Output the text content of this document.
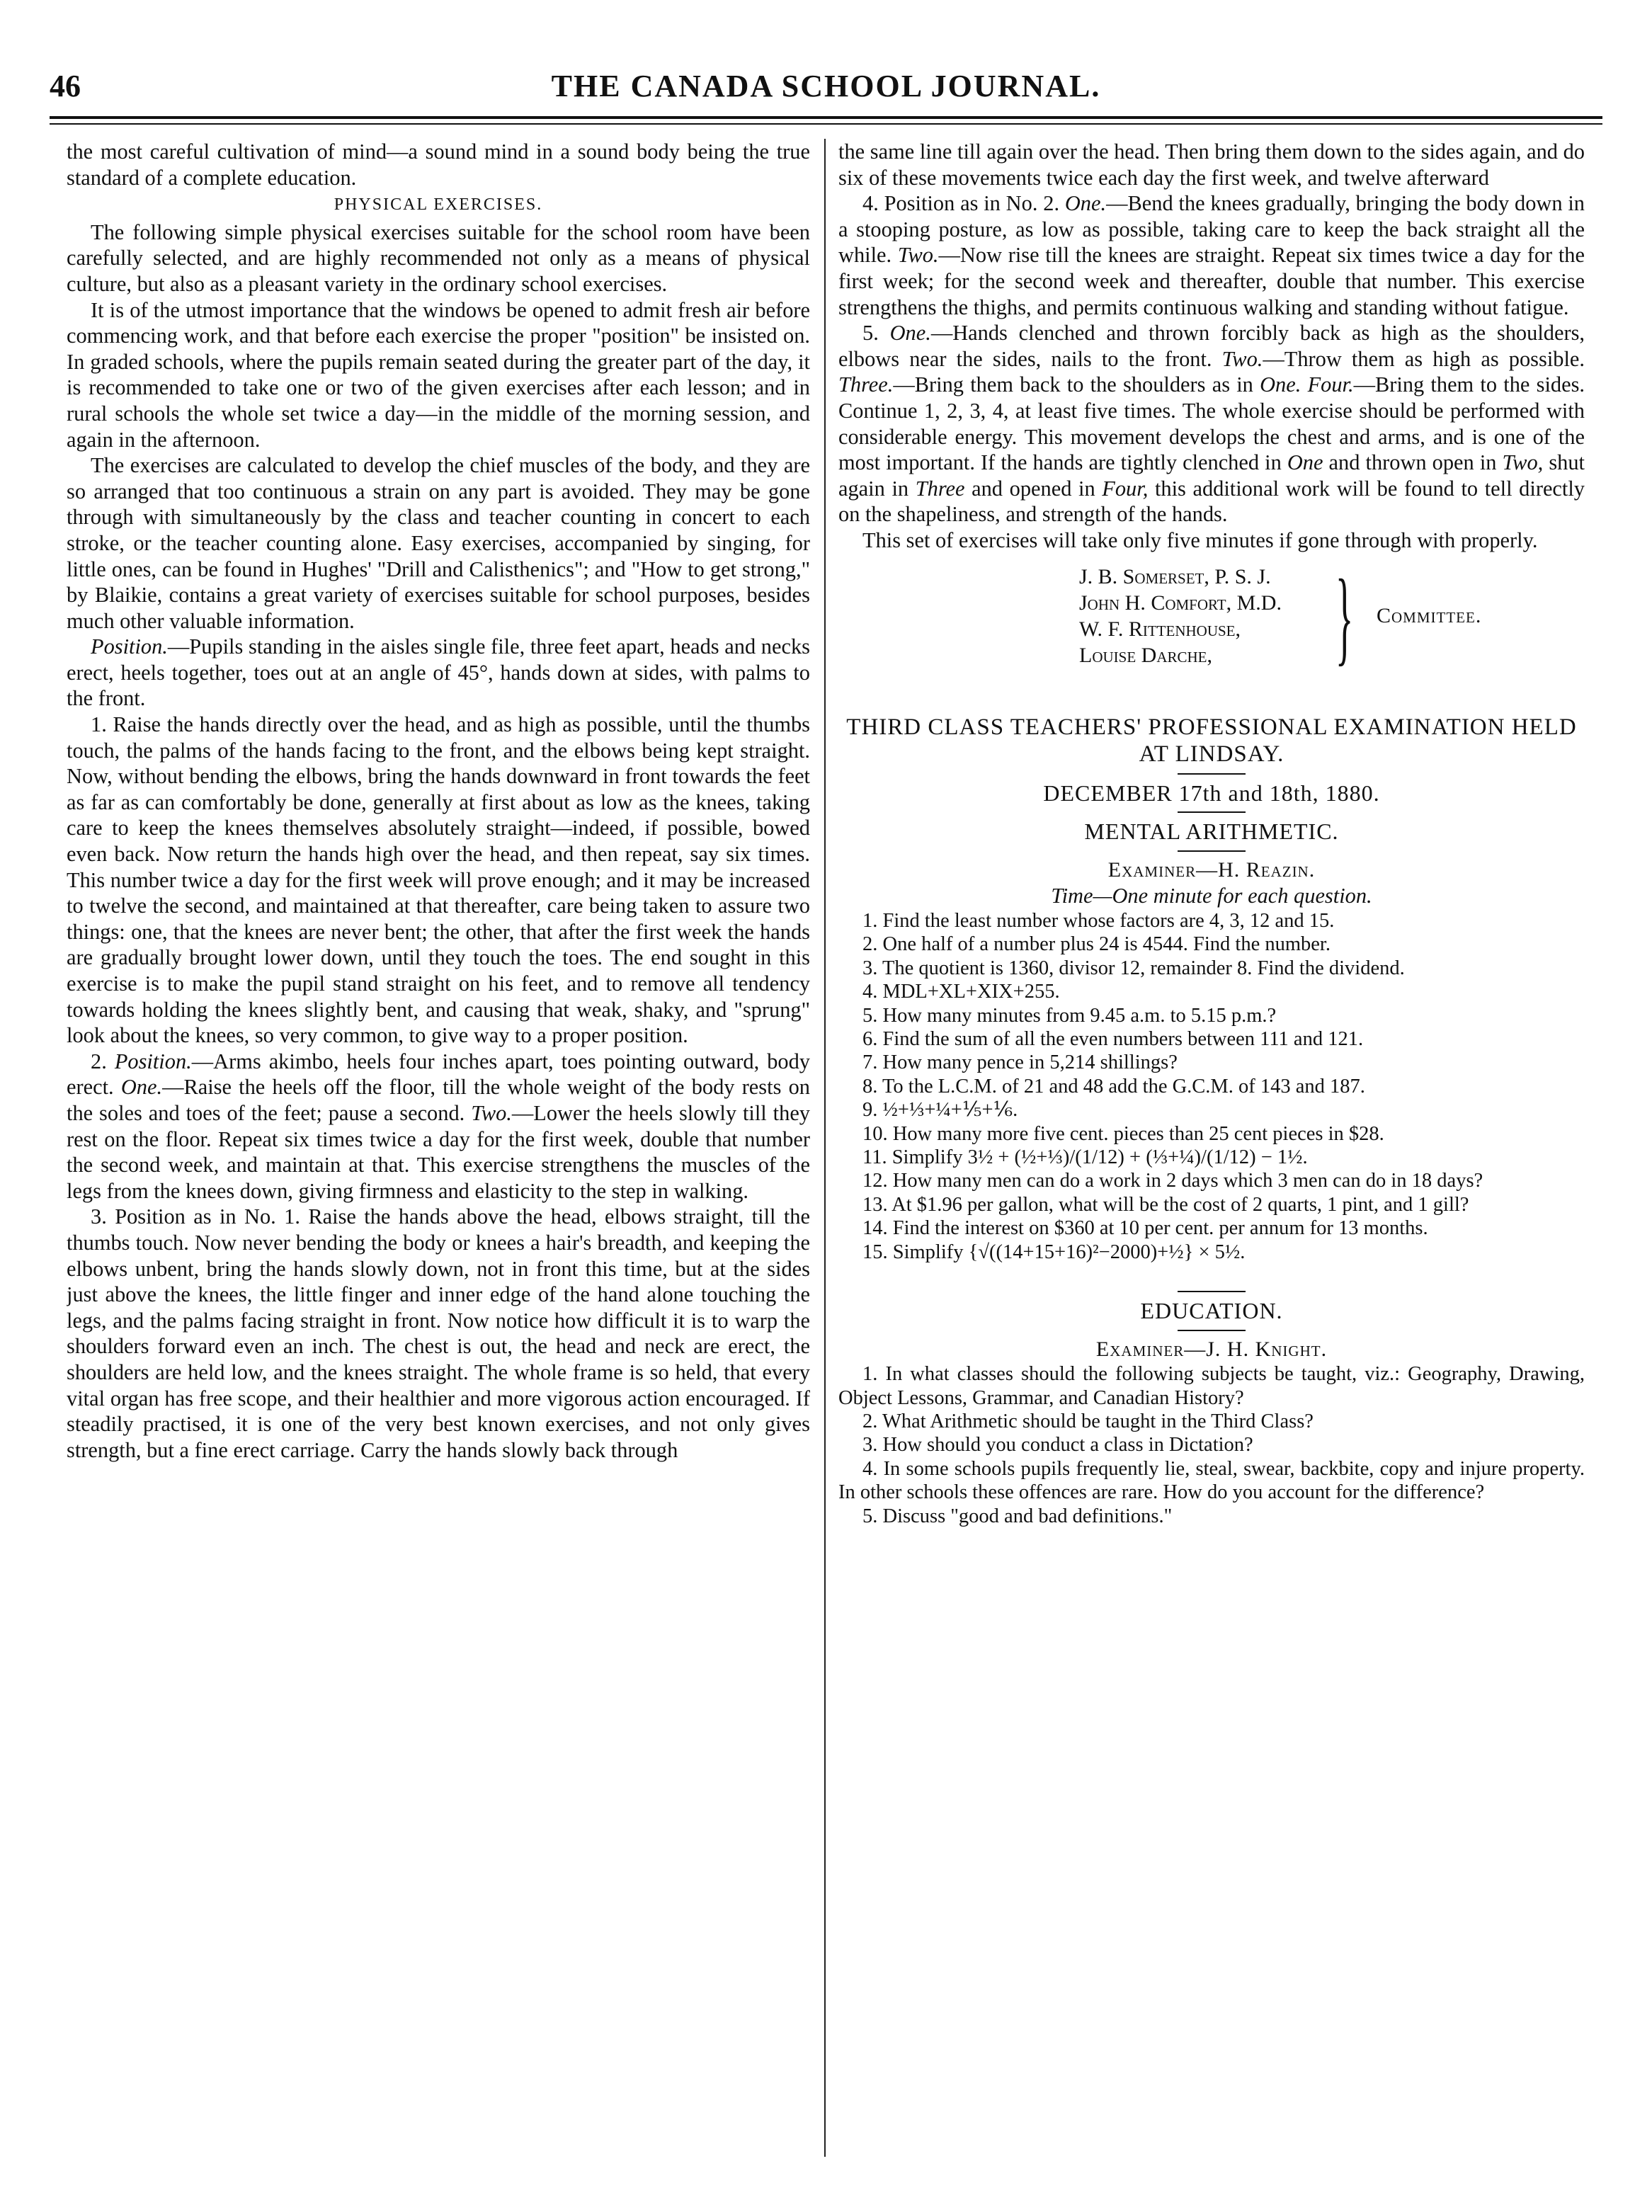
46	THE CANADA SCHOOL JOURNAL.

the most careful cultivation of mind—a sound mind in a sound body being the true standard of a complete education.

PHYSICAL EXERCISES.

The following simple physical exercises suitable for the school room have been carefully selected, and are highly recommended not only as a means of physical culture, but also as a pleasant variety in the ordinary school exercises.

It is of the utmost importance that the windows be opened to admit fresh air before commencing work, and that before each exercise the proper "position" be insisted on. In graded schools, where the pupils remain seated during the greater part of the day, it is recommended to take one or two of the given exercises after each lesson; and in rural schools the whole set twice a day—in the middle of the morning session, and again in the afternoon.

The exercises are calculated to develop the chief muscles of the body, and they are so arranged that too continuous a strain on any part is avoided. They may be gone through with simultaneously by the class and teacher counting in concert to each stroke, or the teacher counting alone. Easy exercises, accompanied by singing, for little ones, can be found in Hughes' "Drill and Calisthenics"; and "How to get strong," by Blaikie, contains a great variety of exercises suitable for school purposes, besides much other valuable information.

Position.—Pupils standing in the aisles single file, three feet apart, heads and necks erect, heels together, toes out at an angle of 45°, hands down at sides, with palms to the front.

1. Raise the hands directly over the head, and as high as possible, until the thumbs touch, the palms of the hands facing to the front, and the elbows being kept straight. Now, without bending the elbows, bring the hands downward in front towards the feet as far as can comfortably be done, generally at first about as low as the knees, taking care to keep the knees themselves absolutely straight—indeed, if possible, bowed even back. Now return the hands high over the head, and then repeat, say six times. This number twice a day for the first week will prove enough; and it may be increased to twelve the second, and maintained at that thereafter, care being taken to assure two things: one, that the knees are never bent; the other, that after the first week the hands are gradually brought lower down, until they touch the toes. The end sought in this exercise is to make the pupil stand straight on his feet, and to remove all tendency towards holding the knees slightly bent, and causing that weak, shaky, and "sprung" look about the knees, so very common, to give way to a proper position.

2. Position.—Arms akimbo, heels four inches apart, toes pointing outward, body erect. One.—Raise the heels off the floor, till the whole weight of the body rests on the soles and toes of the feet; pause a second. Two.—Lower the heels slowly till they rest on the floor. Repeat six times twice a day for the first week, double that number the second week, and maintain at that. This exercise strengthens the muscles of the legs from the knees down, giving firmness and elasticity to the step in walking.

3. Position as in No. 1. Raise the hands above the head, elbows straight, till the thumbs touch. Now never bending the body or knees a hair's breadth, and keeping the elbows unbent, bring the hands slowly down, not in front this time, but at the sides just above the knees, the little finger and inner edge of the hand alone touching the legs, and the palms facing straight in front. Now notice how difficult it is to warp the shoulders forward even an inch. The chest is out, the head and neck are erect, the shoulders are held low, and the knees straight. The whole frame is so held, that every vital organ has free scope, and their healthier and more vigorous action encouraged. If steadily practised, it is one of the very best known exercises, and not only gives strength, but a fine erect carriage. Carry the hands slowly back through

the same line till again over the head. Then bring them down to the sides again, and do six of these movements twice each day the first week, and twelve afterward

4. Position as in No. 2. One.—Bend the knees gradually, bringing the body down in a stooping posture, as low as possible, taking care to keep the back straight all the while. Two.—Now rise till the knees are straight. Repeat six times twice a day for the first week; for the second week and thereafter, double that number. This exercise strengthens the thighs, and permits continuous walking and standing without fatigue.

5. One.—Hands clenched and thrown forcibly back as high as the shoulders, elbows near the sides, nails to the front. Two.—Throw them as high as possible. Three.—Bring them back to the shoulders as in One. Four.—Bring them to the sides. Continue 1, 2, 3, 4, at least five times. The whole exercise should be performed with considerable energy. This movement develops the chest and arms, and is one of the most important. If the hands are tightly clenched in One and thrown open in Two, shut again in Three and opened in Four, this additional work will be found to tell directly on the shapeliness, and strength of the hands.

This set of exercises will take only five minutes if gone through with properly.

J. B. Somerset, P. S. J.
John H. Comfort, M.D.
W. F. Rittenhouse,
Louise Darche,	} Committee.
THIRD CLASS TEACHERS' PROFESSIONAL EXAMINATION HELD AT LINDSAY.
DECEMBER 17th and 18th, 1880.
MENTAL ARITHMETIC.
Examiner—H. Reazin.
Time—One minute for each question.
1. Find the least number whose factors are 4, 3, 12 and 15.
2. One half of a number plus 24 is 4544. Find the number.
3. The quotient is 1360, divisor 12, remainder 8. Find the dividend.
4. MDL+XL+XIX+255.
5. How many minutes from 9.45 a.m. to 5.15 p.m.?
6. Find the sum of all the even numbers between 111 and 121.
7. How many pence in 5,214 shillings?
8. To the L.C.M. of 21 and 48 add the G.C.M. of 143 and 187.
9. ½+⅓+¼+⅕+⅙.
10. How many more five cent. pieces than 25 cent pieces in $28.
11. Simplify 3½ + (½+⅓)/(1/12) + (⅓+¼)/(1/12) − 1½.
12. How many men can do a work in 2 days which 3 men can do in 18 days?
13. At $1.96 per gallon, what will be the cost of 2 quarts, 1 pint, and 1 gill?
14. Find the interest on $360 at 10 per cent. per annum for 13 months.
15. Simplify {√((14+15+16)²−2000)+½} × 5½.
EDUCATION.
Examiner—J. H. Knight.
1. In what classes should the following subjects be taught, viz.: Geography, Drawing, Object Lessons, Grammar, and Canadian History?
2. What Arithmetic should be taught in the Third Class?
3. How should you conduct a class in Dictation?
4. In some schools pupils frequently lie, steal, swear, backbite, copy and injure property. In other schools these offences are rare. How do you account for the difference?
5. Discuss "good and bad definitions."
